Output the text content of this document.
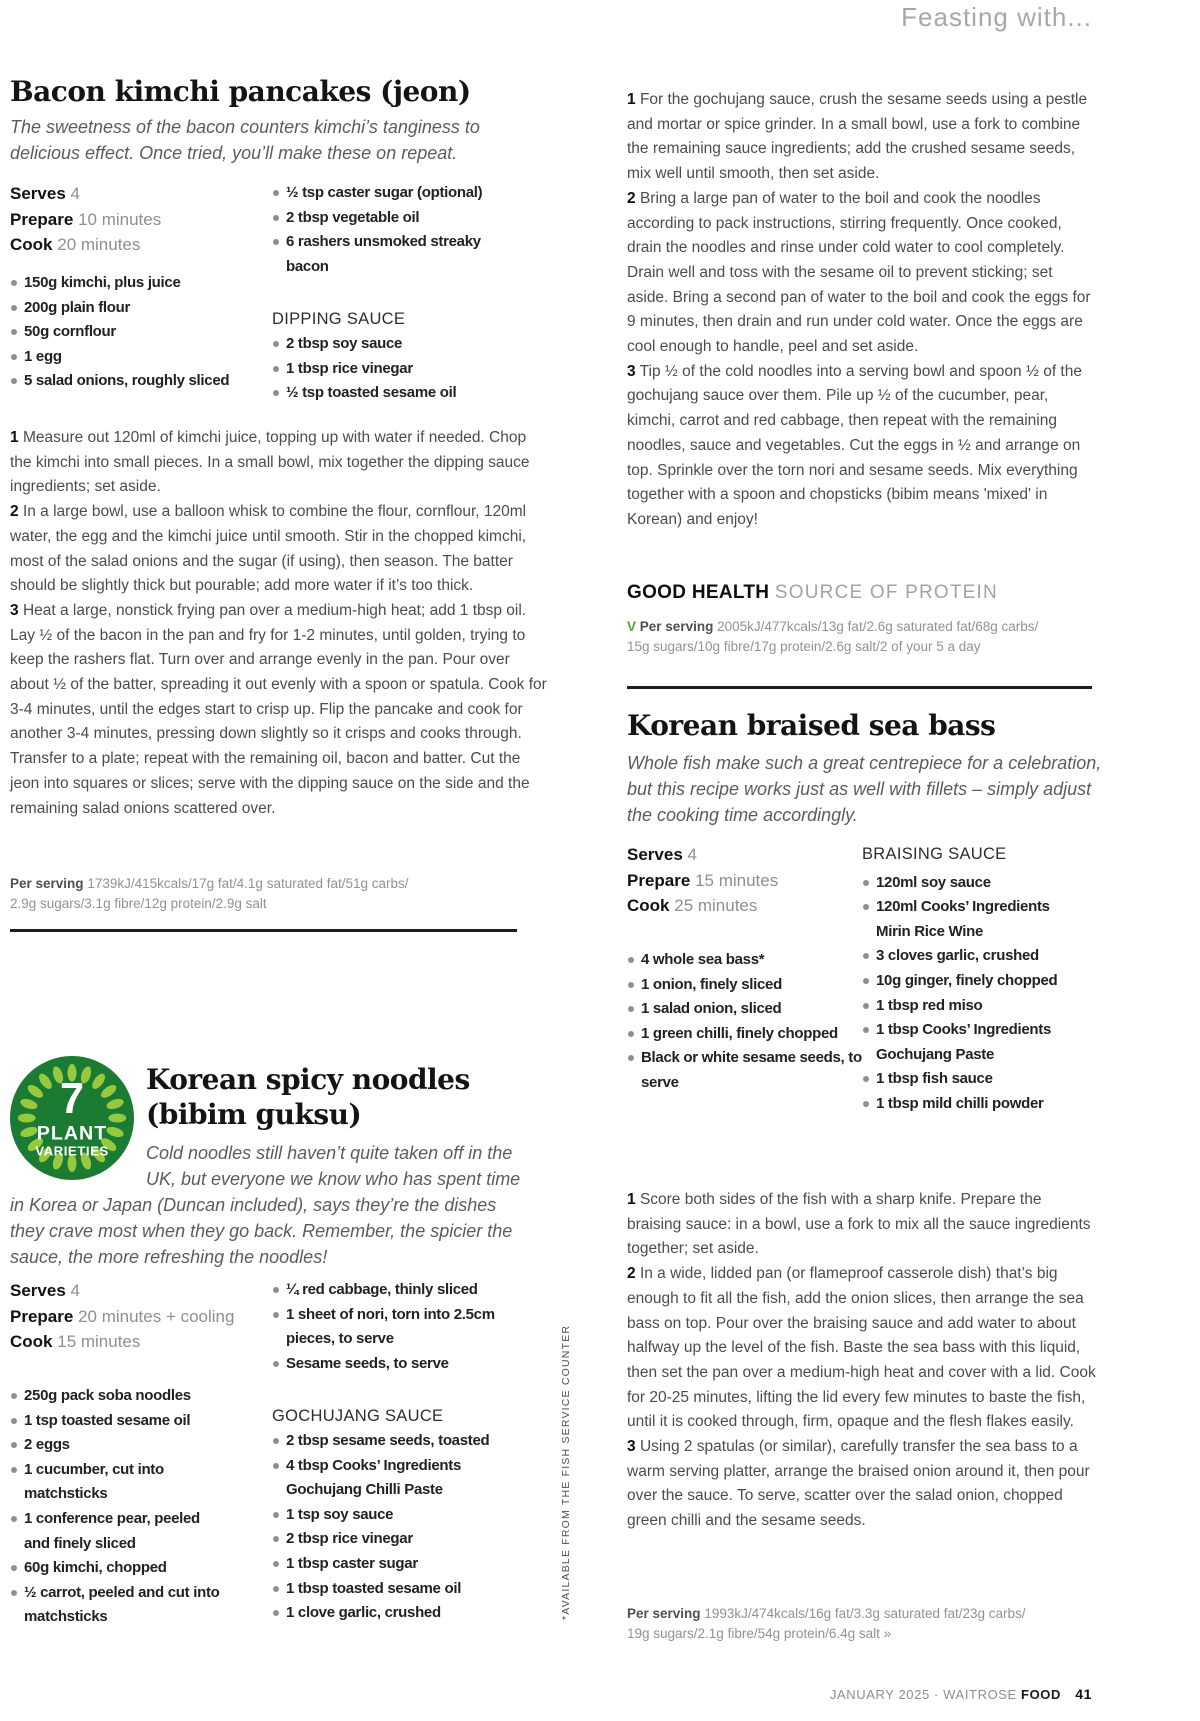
Feasting with...
Bacon kimchi pancakes (jeon)

The sweetness of the bacon counters kimchi’s tanginess to delicious effect. Once tried, you’ll make these on repeat.

Serves 4
Prepare 10 minutes
Cook 20 minutes
150g kimchi, plus juice
200g plain flour
50g cornflour
1 egg
5 salad onions, roughly sliced
½ tsp caster sugar (optional)
2 tbsp vegetable oil
6 rashers unsmoked streaky bacon
DIPPING SAUCE
2 tbsp soy sauce
1 tbsp rice vinegar
½ tsp toasted sesame oil

1 Measure out 120ml of kimchi juice, topping up with water if needed. Chop the kimchi into small pieces. In a small bowl, mix together the dipping sauce ingredients; set aside.

2 In a large bowl, use a balloon whisk to combine the flour, cornflour, 120ml water, the egg and the kimchi juice until smooth. Stir in the chopped kimchi, most of the salad onions and the sugar (if using), then season. The batter should be slightly thick but pourable; add more water if it’s too thick.

3 Heat a large, nonstick frying pan over a medium-high heat; add 1 tbsp oil. Lay ½ of the bacon in the pan and fry for 1-2 minutes, until golden, trying to keep the rashers flat. Turn over and arrange evenly in the pan. Pour over about ½ of the batter, spreading it out evenly with a spoon or spatula. Cook for 3-4 minutes, until the edges start to crisp up. Flip the pancake and cook for another 3-4 minutes, pressing down slightly so it crisps and cooks through. Transfer to a plate; repeat with the remaining oil, bacon and batter. Cut the jeon into squares or slices; serve with the dipping sauce on the side and the remaining salad onions scattered over.

Per serving 1739kJ/415kcals/17g fat/4.1g saturated fat/51g carbs/
2.9g sugars/3.1g fibre/12g protein/2.9g salt
7
PLANT
VARIETIES
Korean spicy noodles
(bibim guksu)

Cold noodles still haven’t quite taken off in the UK, but everyone we know who has spent time

in Korea or Japan (Duncan included), says they’re the dishes they crave most when they go back. Remember, the spicier the sauce, the more refreshing the noodles!

Serves 4
Prepare 20 minutes + cooling
Cook 15 minutes
250g pack soba noodles
1 tsp toasted sesame oil
2 eggs
1 cucumber, cut into matchsticks
1 conference pear, peeled and finely sliced
60g kimchi, chopped
½ carrot, peeled and cut into matchsticks
¼ red cabbage, thinly sliced
1 sheet of nori, torn into 2.5cm pieces, to serve
Sesame seeds, to serve
GOCHUJANG SAUCE
2 tbsp sesame seeds, toasted
4 tbsp Cooks’ Ingredients Gochujang Chilli Paste
1 tsp soy sauce
2 tbsp rice vinegar
1 tbsp caster sugar
1 tbsp toasted sesame oil
1 clove garlic, crushed

1 For the gochujang sauce, crush the sesame seeds using a pestle and mortar or spice grinder. In a small bowl, use a fork to combine the remaining sauce ingredients; add the crushed sesame seeds, mix well until smooth, then set aside.

2 Bring a large pan of water to the boil and cook the noodles according to pack instructions, stirring frequently. Once cooked, drain the noodles and rinse under cold water to cool completely. Drain well and toss with the sesame oil to prevent sticking; set aside. Bring a second pan of water to the boil and cook the eggs for 9 minutes, then drain and run under cold water. Once the eggs are cool enough to handle, peel and set aside.

3 Tip ½ of the cold noodles into a serving bowl and spoon ½ of the gochujang sauce over them. Pile up ½ of the cucumber, pear, kimchi, carrot and red cabbage, then repeat with the remaining noodles, sauce and vegetables. Cut the eggs in ½ and arrange on top. Sprinkle over the torn nori and sesame seeds. Mix everything together with a spoon and chopsticks (bibim means 'mixed' in Korean) and enjoy!

GOOD HEALTH SOURCE OF PROTEIN
V Per serving 2005kJ/477kcals/13g fat/2.6g saturated fat/68g carbs/
15g sugars/10g fibre/17g protein/2.6g salt/2 of your 5 a day
Korean braised sea bass

Whole fish make such a great centrepiece for a celebration, but this recipe works just as well with fillets – simply adjust the cooking time accordingly.

Serves 4
Prepare 15 minutes
Cook 25 minutes
4 whole sea bass*
1 onion, finely sliced
1 salad onion, sliced
1 green chilli, finely chopped
Black or white sesame seeds, to serve
BRAISING SAUCE
120ml soy sauce
120ml Cooks’ Ingredients Mirin Rice Wine
3 cloves garlic, crushed
10g ginger, finely chopped
1 tbsp red miso
1 tbsp Cooks’ Ingredients Gochujang Paste
1 tbsp fish sauce
1 tbsp mild chilli powder

1 Score both sides of the fish with a sharp knife. Prepare the braising sauce: in a bowl, use a fork to mix all the sauce ingredients together; set aside.

2 In a wide, lidded pan (or flameproof casserole dish) that’s big enough to fit all the fish, add the onion slices, then arrange the sea bass on top. Pour over the braising sauce and add water to about halfway up the level of the fish. Baste the sea bass with this liquid, then set the pan over a medium-high heat and cover with a lid. Cook for 20-25 minutes, lifting the lid every few minutes to baste the fish, until it is cooked through, firm, opaque and the flesh flakes easily.

3 Using 2 spatulas (or similar), carefully transfer the sea bass to a warm serving platter, arrange the braised onion around it, then pour over the sauce. To serve, scatter over the salad onion, chopped green chilli and the sesame seeds.

Per serving 1993kJ/474kcals/16g fat/3.3g saturated fat/23g carbs/
19g sugars/2.1g fibre/54g protein/6.4g salt »
*AVAILABLE FROM THE FISH SERVICE COUNTER
JANUARY 2025 · WAITROSE FOOD 41
